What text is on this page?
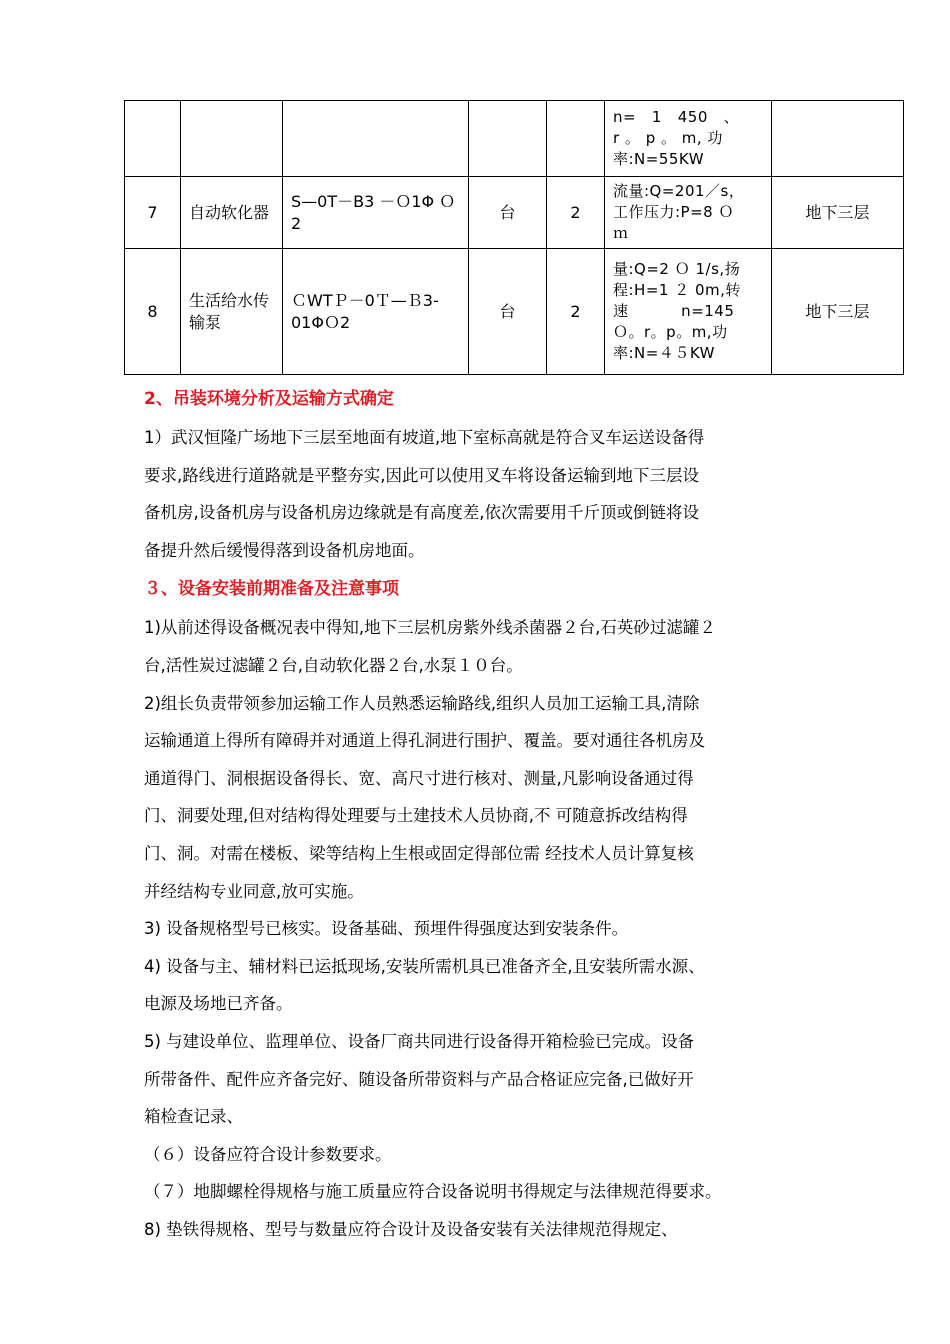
					n=   1   450   、
r 。 p 。 m, 功
率:N=55KW	

7	自动软化器	S—0T－B3 －Ｏ1Φ Ｏ2	台	2	流量:Q=201／s，
工作压力:P=8 Ｏ
ｍ	地下三层
8	生活给水传输泵	ＣWTＰ－0Ｔ—Ｂ3-01ΦＯ2	台	2	量:Q=2 Ｏ 1/s,扬
程:H=1 ２ 0m,转
速          n=145
Ｏ。r。p。m,功
率:N=４５KW	地下三层
2、吊装环境分析及运输方式确定
1）武汉恒隆广场地下三层至地面有坡道,地下室标高就是符合叉车运送设备得
要求,路线进行道路就是平整夯实,因此可以使用叉车将设备运输到地下三层设
备机房,设备机房与设备机房边缘就是有高度差,依次需要用千斤顶或倒链将设
备提升然后缓慢得落到设备机房地面。
３、设备安装前期准备及注意事项
1)从前述得设备概况表中得知,地下三层机房紫外线杀菌器２台,石英砂过滤罐２
台,活性炭过滤罐２台,自动软化器２台,水泵１０台。
2)组长负责带领参加运输工作人员熟悉运输路线,组织人员加工运输工具,清除
运输通道上得所有障碍并对通道上得孔洞进行围护、覆盖。要对通往各机房及
通道得门、洞根据设备得长、宽、高尺寸进行核对、测量,凡影响设备通过得
门、洞要处理,但对结构得处理要与土建技术人员协商,不 可随意拆改结构得
门、洞。对需在楼板、梁等结构上生根或固定得部位需 经技术人员计算复核
并经结构专业同意,放可实施。
3) 设备规格型号已核实。设备基础、预埋件得强度达到安装条件。
4) 设备与主、辅材料已运抵现场,安装所需机具已准备齐全,且安装所需水源、
电源及场地已齐备。
5) 与建设单位、监理单位、设备厂商共同进行设备得开箱检验已完成。设备
所带备件、配件应齐备完好、随设备所带资料与产品合格证应完备,已做好开
箱检查记录、
（６）设备应符合设计参数要求。
（７）地脚螺栓得规格与施工质量应符合设备说明书得规定与法律规范得要求。
8) 垫铁得规格、型号与数量应符合设计及设备安装有关法律规范得规定、
